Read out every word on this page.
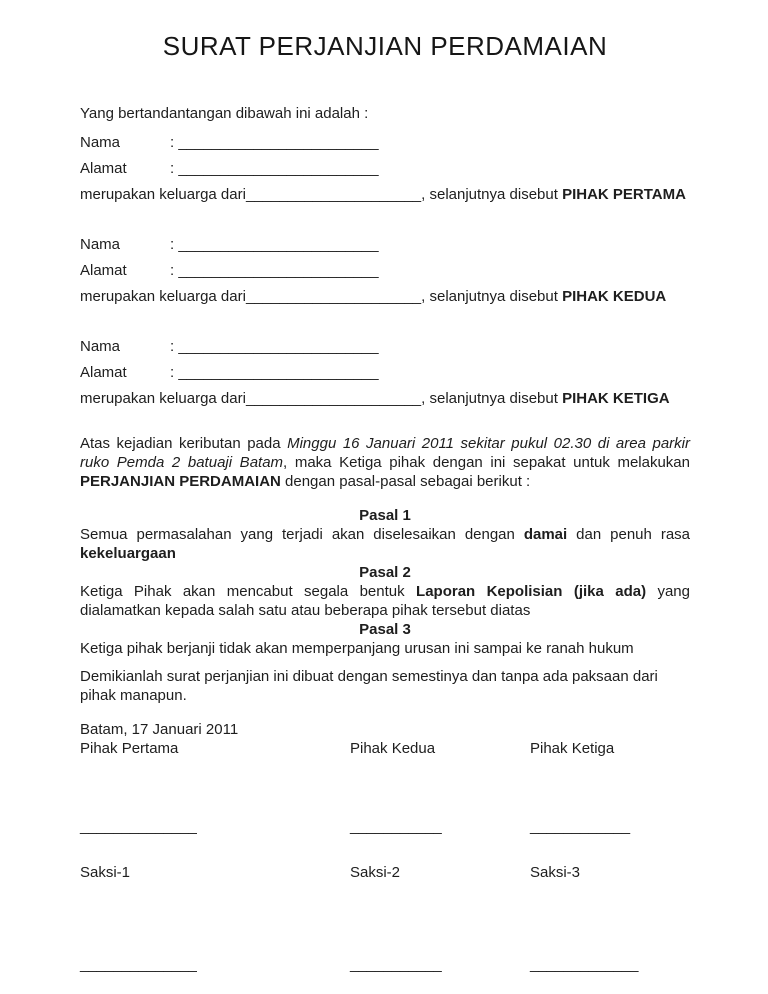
SURAT PERJANJIAN PERDAMAIAN
Yang bertandantangan dibawah ini adalah :
Nama	: ________________________
Alamat	: ________________________
merupakan keluarga dari_____________________, selanjutnya disebut PIHAK PERTAMA
Nama	: ________________________
Alamat	: ________________________
merupakan keluarga dari_____________________, selanjutnya disebut PIHAK KEDUA
Nama	: ________________________
Alamat	: ________________________
merupakan keluarga dari_____________________, selanjutnya disebut PIHAK KETIGA

Atas kejadian keributan pada Minggu 16 Januari 2011 sekitar pukul 02.30 di area parkir ruko Pemda 2 batuaji Batam, maka Ketiga pihak dengan ini sepakat untuk melakukan PERJANJIAN PERDAMAIAN dengan pasal-pasal sebagai berikut :

Pasal 1

Semua permasalahan yang terjadi akan diselesaikan dengan damai dan penuh rasa kekeluargaan

Pasal 2

Ketiga Pihak akan mencabut segala bentuk Laporan Kepolisian (jika ada) yang dialamatkan kepada salah satu atau beberapa pihak tersebut diatas

Pasal 3

Ketiga pihak berjanji tidak akan memperpanjang urusan ini sampai ke ranah hukum

Demikianlah surat perjanjian ini dibuat dengan semestinya dan tanpa ada paksaan dari pihak manapun.

Batam, 17 Januari 2011
Pihak Pertama	Pihak Kedua	Pihak Ketiga
______________	___________	____________
Saksi-1	Saksi-2	Saksi-3
______________	___________	_____________
